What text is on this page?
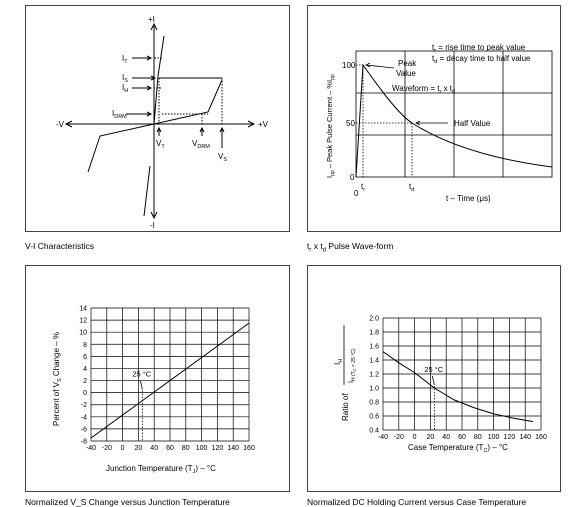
+I
-I
-V	+V
$I_T$
$I_S$
$I_H$
$I_{DRM}$
$V_T$	$V_{DRM}$
$V_S$
V-I Characteristics
100
50
0
0
$t_r$	$t_d$
$t_r$ = rise time to peak value
$t_d$ = decay time to half value
Peak
Value
Waveform = $t_r$ x $t_d$
Half Value
t – Time (μs)
$I_{pp}$ – Peak Pulse Current – $\%I_{pp}$
$t_r$ x $t_d$ Pulse Wave-form
Junction Temperature $(T_J) - ^\circ C$
Percent of $V_S$ Change – %
-8
-6
-4
-2
0
2
4
6
8
10
12
14
-40 -20 0 20 40 60 80 100 120 140 160
25 °C
Normalized V_S Change versus Junction Temperature
Case Temperature $(T_C) - ^\circ C$
Ratio of
$I_H$
$I_{H (T}C = 25$ °C)
0.4
0.6
0.8
1.0
1.2
1.4
1.6
1.8
2.0
-40 -20 0 20 40 60 80 100 120 140 160
25 °C
Normalized DC Holding Current versus Case Temperature
